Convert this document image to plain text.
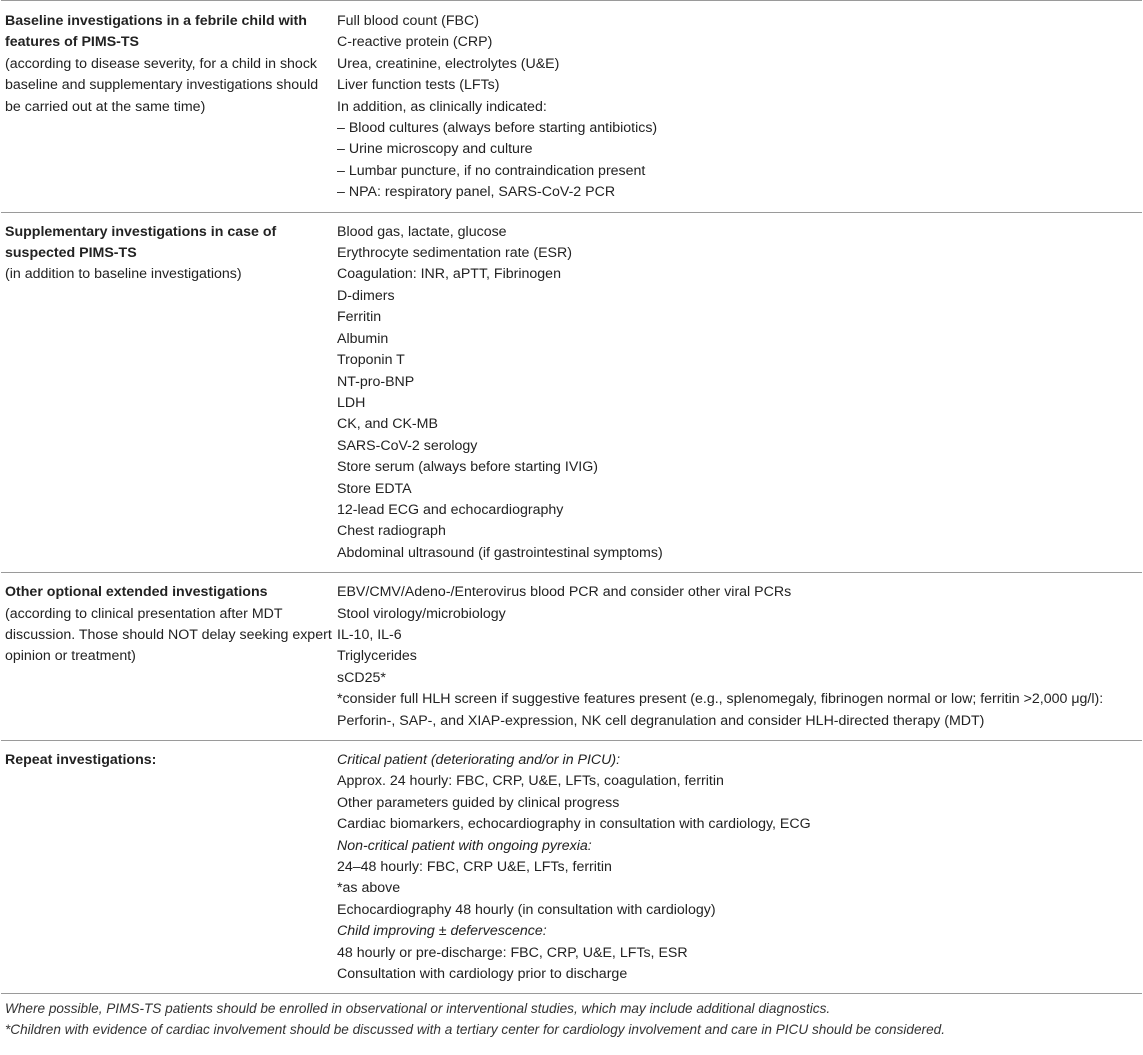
Baseline investigations in a febrile child with features of PIMS-TS
(according to disease severity, for a child in shock baseline and supplementary investigations should be carried out at the same time)
Full blood count (FBC)
C-reactive protein (CRP)
Urea, creatinine, electrolytes (U&E)
Liver function tests (LFTs)
In addition, as clinically indicated:
– Blood cultures (always before starting antibiotics)
– Urine microscopy and culture
– Lumbar puncture, if no contraindication present
– NPA: respiratory panel, SARS-CoV-2 PCR
Supplementary investigations in case of suspected PIMS-TS
(in addition to baseline investigations)
Blood gas, lactate, glucose
Erythrocyte sedimentation rate (ESR)
Coagulation: INR, aPTT, Fibrinogen
D-dimers
Ferritin
Albumin
Troponin T
NT-pro-BNP
LDH
CK, and CK-MB
SARS-CoV-2 serology
Store serum (always before starting IVIG)
Store EDTA
12-lead ECG and echocardiography
Chest radiograph
Abdominal ultrasound (if gastrointestinal symptoms)
Other optional extended investigations
(according to clinical presentation after MDT discussion. Those should NOT delay seeking expert opinion or treatment)
EBV/CMV/Adeno-/Enterovirus blood PCR and consider other viral PCRs
Stool virology/microbiology
IL-10, IL-6
Triglycerides
sCD25*
*consider full HLH screen if suggestive features present (e.g., splenomegaly, fibrinogen normal or low; ferritin >2,000 μg/l): Perforin-, SAP-, and XIAP-expression, NK cell degranulation and consider HLH-directed therapy (MDT)
Repeat investigations:	Critical patient (deteriorating and/or in PICU):
Approx. 24 hourly: FBC, CRP, U&E, LFTs, coagulation, ferritin
Other parameters guided by clinical progress
Cardiac biomarkers, echocardiography in consultation with cardiology, ECG
Non-critical patient with ongoing pyrexia:
24–48 hourly: FBC, CRP U&E, LFTs, ferritin
*as above
Echocardiography 48 hourly (in consultation with cardiology)
Child improving ± defervescence:
48 hourly or pre-discharge: FBC, CRP, U&E, LFTs, ESR
Consultation with cardiology prior to discharge
Where possible, PIMS-TS patients should be enrolled in observational or interventional studies, which may include additional diagnostics.
*Children with evidence of cardiac involvement should be discussed with a tertiary center for cardiology involvement and care in PICU should be considered.
